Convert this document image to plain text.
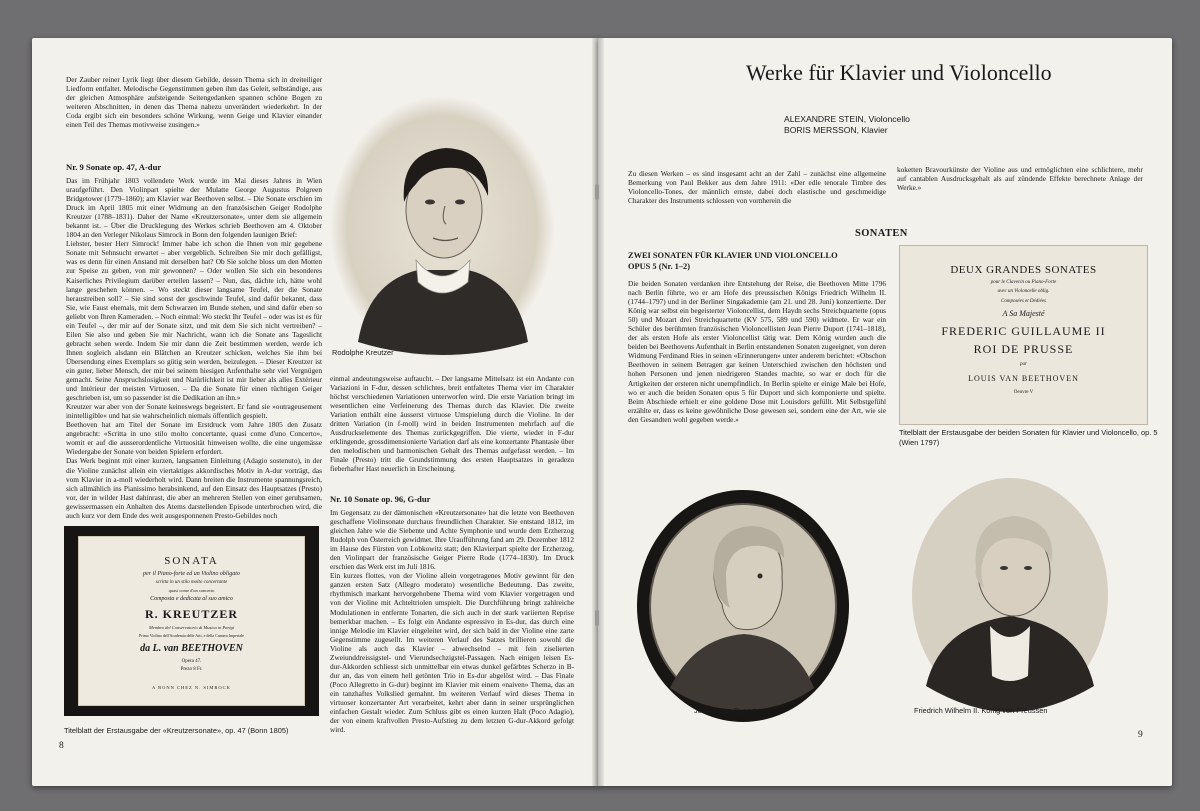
Der Zauber reiner Lyrik liegt über diesem Gebilde, dessen Thema sich in dreiteiliger Liedform entfaltet. Melodische Gegenstimmen geben ihm das Geleit, selbständige, aus der gleichen Atmosphäre aufsteigende Seitengedanken spannen schöne Bogen zu weiteren Abschnitten, in denen das Thema nahezu unverändert wiederkehrt. In der Coda ergibt sich ein besonders schöne Wirkung, wenn Geige und Klavier einander einen Teil des Themas motivweise zusingen.»

Nr. 9 Sonate op. 47, A-dur

Das im Frühjahr 1803 vollendete Werk wurde im Mai dieses Jahres in Wien uraufgeführt. Den Violinpart spielte der Mulatte George Augustus Polgreen Bridgetower (1779–1860); am Klavier war Beethoven selbst. – Die Sonate erschien im Druck im April 1805 mit einer Widmung an den französischen Geiger Rodolphe Kreutzer (1788–1831). Daher der Name «Kreutzersonate», unter dem sie allgemein bekannt ist. – Über die Drucklegung des Werkes schrieb Beethoven am 4. Oktober 1804 an den Verleger Nikolaus Simrock in Bonn den folgenden launigen Brief:
Liebster, bester Herr Simrock! Immer habe ich schon die Ihnen von mir gegebene Sonate mit Sehnsucht erwartet – aber vergeblich. Schreiben Sie mir doch gefälligst, was es denn für einen Anstand mit derselben hat? Ob Sie solche bloss um den Motten zur Speise zu geben, von mir gewonnen? – Oder wollen Sie sich ein besonderes Kaiserliches Privilegium darüber erteilen lassen? – Nun, das, dächte ich, hätte wohl lange geschehen können. – Wo steckt dieser langsame Teufel, der die Sonate heraustreiben soll? – Sie sind sonst der geschwinde Teufel, sind dafür bekannt, dass Sie, wie Faust ehemals, mit dem Schwarzen im Bunde stehen, und sind dafür eben so geliebt von Ihren Kameraden. – Noch einmal: Wo steckt Ihr Teufel – oder was ist es für ein Teufel –, der mir auf der Sonate sitzt, und mit dem Sie sich nicht vertreiben? – Eilen Sie also und geben Sie mir Nachricht, wann ich die Sonate ans Tageslicht gebracht sehen werde. Indem Sie mir dann die Zeit bestimmen werden, werde ich Ihnen sogleich alsdann ein Blätchen an Kreutzer schicken, welches Sie ihm bei Übersendung eines Exemplars so gütig sein werden, beizulegen. – Dieser Kreutzer ist ein guter, lieber Mensch, der mir bei seinem hiesigen Aufenthalte sehr viel Vergnügen gemacht. Seine Anspruchslosigkeit und Natürlichkeit ist mir lieber als alles Extérieur und Intérieur der meisten Virtuosen. – Da die Sonate für einen tüchtigen Geiger geschrieben ist, um so passender ist die Dedikation an ihn.»
Kreutzer war aber von der Sonate keineswegs begeistert. Er fand sie »outrageusement inintelligible« und hat sie wahrscheinlich niemals öffentlich gespielt.
Beethoven hat am Titel der Sonate im Erstdruck vom Jahre 1805 den Zusatz angebracht: «Scritta in uno stilo molto concertante, quasi come d'uno Concerto», womit er auf die ausserordentliche Virtuosität hinweisen wollte, die eine ungemässe Wiedergabe der Sonate von beiden Spielern erfordert.
Das Werk beginnt mit einer kurzen, langsamen Einleitung (Adagio sostenuto), in der die Violine zunächst allein ein viertaktiges akkordisches Motiv in A-dur vorträgt, das vom Klavier in a-moll wiederholt wird. Dann breiten die Instrumente spannungsreich, sich allmählich ins Pianissimo herabsinkend, auf den Einsatz des Hauptsatzes (Presto) vor, der in wilder Hast dahinrast, die aber an mehreren Stellen von einer geruhsamen, gewissermassen ein Anhalten des Atems darstellenden Episode unterbrochen wird, die auch kurz vor dem Ende des weit ausgesponnenen Presto-Gebildes noch

Rodolphe Kreutzer

einmal andeutungsweise auftaucht. – Der langsame Mittelsatz ist ein Andante con Variazioni in F-dur, dessen schlichtes, breit entfaltetes Thema vier im Charakter höchst verschiedenen Variationen unterworfen wird. Die erste Variation bringt im wesentlichen eine Verfeinerung des Themas durch das Klavier. Die zweite Variation enthält eine äusserst virtuose Umspielung durch die Violine. In der dritten Variation (in f-moll) wird in beiden Instrumenten mehrfach auf die Ausdruckselemente des Themas zurückgegriffen. Die vierte, wieder in F-dur erklingende, grossdimensionierte Variation darf als eine konzertante Phantasie über den melodischen und harmonischen Gehalt des Themas aufgefasst werden. – Im Finale (Presto) tritt die Grundstimmung des ersten Hauptsatzes in geradezu fieberhafter Hast neuerlich in Erscheinung.

Nr. 10 Sonate op. 96, G-dur

Im Gegensatz zu der dämonischen «Kreutzersonate» hat die letzte von Beethoven geschaffene Violinsonate durchaus freundlichen Charakter. Sie entstand 1812, im gleichen Jahre wie die Siebente und Achte Symphonie und wurde dem Erzherzog Rudolph von Österreich gewidmet. Ihre Uraufführung fand am 29. Dezember 1812 im Hause des Fürsten von Lobkowitz statt; den Klavierpart spielte der Erzherzog, den Violinpart der französische Geiger Pierre Rode (1774–1830). Im Druck erschien das Werk erst im Juli 1816.
Ein kurzes flottes, von der Violine allein vorgetragenes Motiv gewinnt für den ganzen ersten Satz (Allegro moderato) wesentliche Bedeutung. Das zweite, rhythmisch markant hervorgehobene Thema wird vom Klavier vorgetragen und von der Violine mit Achteltriolen umspielt. Die Durchführung bringt zahlreiche Modulationen in entfernte Tonarten, die sich auch in der stark variierten Reprise bemerkbar machen. – Es folgt ein Andante espressivo in Es-dur, das durch eine innige Melodie im Klavier eingeleitet wird, der sich bald in der Violine eine zarte Gegenstimme zugesellt. Im weiteren Verlauf des Satzes brillieren sowohl die Violine als auch das Klavier – abwechselnd – mit fein ziselierten Zweiunddreissigstel- und Vierundsechzigstel-Passagen. Nach einigen leisen Es-dur-Akkorden schliesst sich unmittelbar ein etwas dunkel gefärbtes Scherzo in B-dur an, das von einem hell getönten Trio in Es-dur abgelöst wird. – Das Finale (Poco Allegretto in G-dur) beginnt im Klavier mit einem «naiven» Thema, das an ein tanzhaftes Volkslied gemahnt. Im weiteren Verlauf wird dieses Thema in virtuoser konzertanter Art verarbeitet, kehrt aber dann in seiner ursprünglichen einfachen Gestalt wieder. Zum Schluss gibt es einen kurzen Halt (Poco Adagio), der von einem kraftvollen Presto-Aufstieg zu dem letzten G-dur-Akkord gefolgt wird.

SONATA
per il Piano-forte ed un Violino obligato
scritta in un stilo molto concertante
quasi come d'un concerto
Composta e dedicata al suo amico
R. KREUTZER
Membro del Conservatorio di Musica in Parigi
Primo Violino dell'Academia delle Arti, e della Camera Imperiale
da L. van BEETHOVEN
Opera 47.
Prezo 8 Fr.
A BONN CHEZ N. SIMROCK

Titelblatt der Erstausgabe der «Kreutzersonate», op. 47 (Bonn 1805)

8
Werke für Klavier und Violoncello
ALEXANDRE STEIN, Violoncello
BORIS MERSSON, Klavier

Zu diesen Werken – es sind insgesamt acht an der Zahl – zunächst eine allgemeine Bemerkung von Paul Bekker aus dem Jahre 1911: «Der edle tenorale Timbre des Violoncello-Tones, der männlich ernste, dabei doch elastische und geschmeidige Charakter des Instruments schlossen von vornherein die

koketten Bravourkünste der Violine aus und ermöglichten eine schlichtere, mehr auf cantablen Ausdrucksgehalt als auf zündende Effekte berechnete Anlage der Werke.»

SONATEN

ZWEI SONATEN FÜR KLAVIER UND VIOLONCELLO
OPUS 5 (Nr. 1–2)

Die beiden Sonaten verdanken ihre Entstehung der Reise, die Beethoven Mitte 1796 nach Berlin führte, wo er am Hofe des preussischen Königs Friedrich Wilhelm II. (1744–1797) und in der Berliner Singakademie (am 21. und 28. Juni) konzertierte. Der König war selbst ein begeisterter Violoncellist, dem Haydn sechs Streichquartette (opus 50) und Mozart drei Streichquartette (KV 575, 589 und 590) widmete. Er war ein Schüler des berühmten französischen Violoncellisten Jean Pierre Duport (1741–1818), der als ersten Hofe als erster Violoncellist tätig war. Dem König wurden auch die beiden bei Beethovens Aufenthalt in Berlin entstandenen Sonaten zugeeignet, von deren Widmung Ferdinand Ries in seinen «Erinnerungen» unter anderem berichtet: «Obschon Beethoven in seinem Betragen gar keinen Unterschied zwischen den höchsten und hohen Personen und jenen niedrigeren Standes machte, so war er doch für die Artigkeiten der ersteren nicht unempfindlich. In Berlin spielte er einige Male bei Hofe, wo er auch die beiden Sonaten opus 5 für Duport und sich komponierte und spielte. Beim Abschiede erhielt er eine goldene Dose mit Louisdors gefüllt. Mit Selbstgefühl erzählte er, dass es keine gewöhnliche Dose gewesen sei, sondern eine der Art, wie sie den Gesandten wohl gegeben werde.»

DEUX GRANDES SONATES
pour le Clavecin ou Piano-Forte
avec un Violoncelle oblig.
Composées et Dédiées
A Sa Majesté
FREDERIC GUILLAUME II
ROI DE PRUSSE
par
LOUIS VAN BEETHOVEN
Oeuvre V

Titelblatt der Erstausgabe der beiden Sonaten für Klavier und Violoncello, op. 5 (Wien 1797)

Jean Pierre Duport	Friedrich Wilhelm II. König von Preussen

9
